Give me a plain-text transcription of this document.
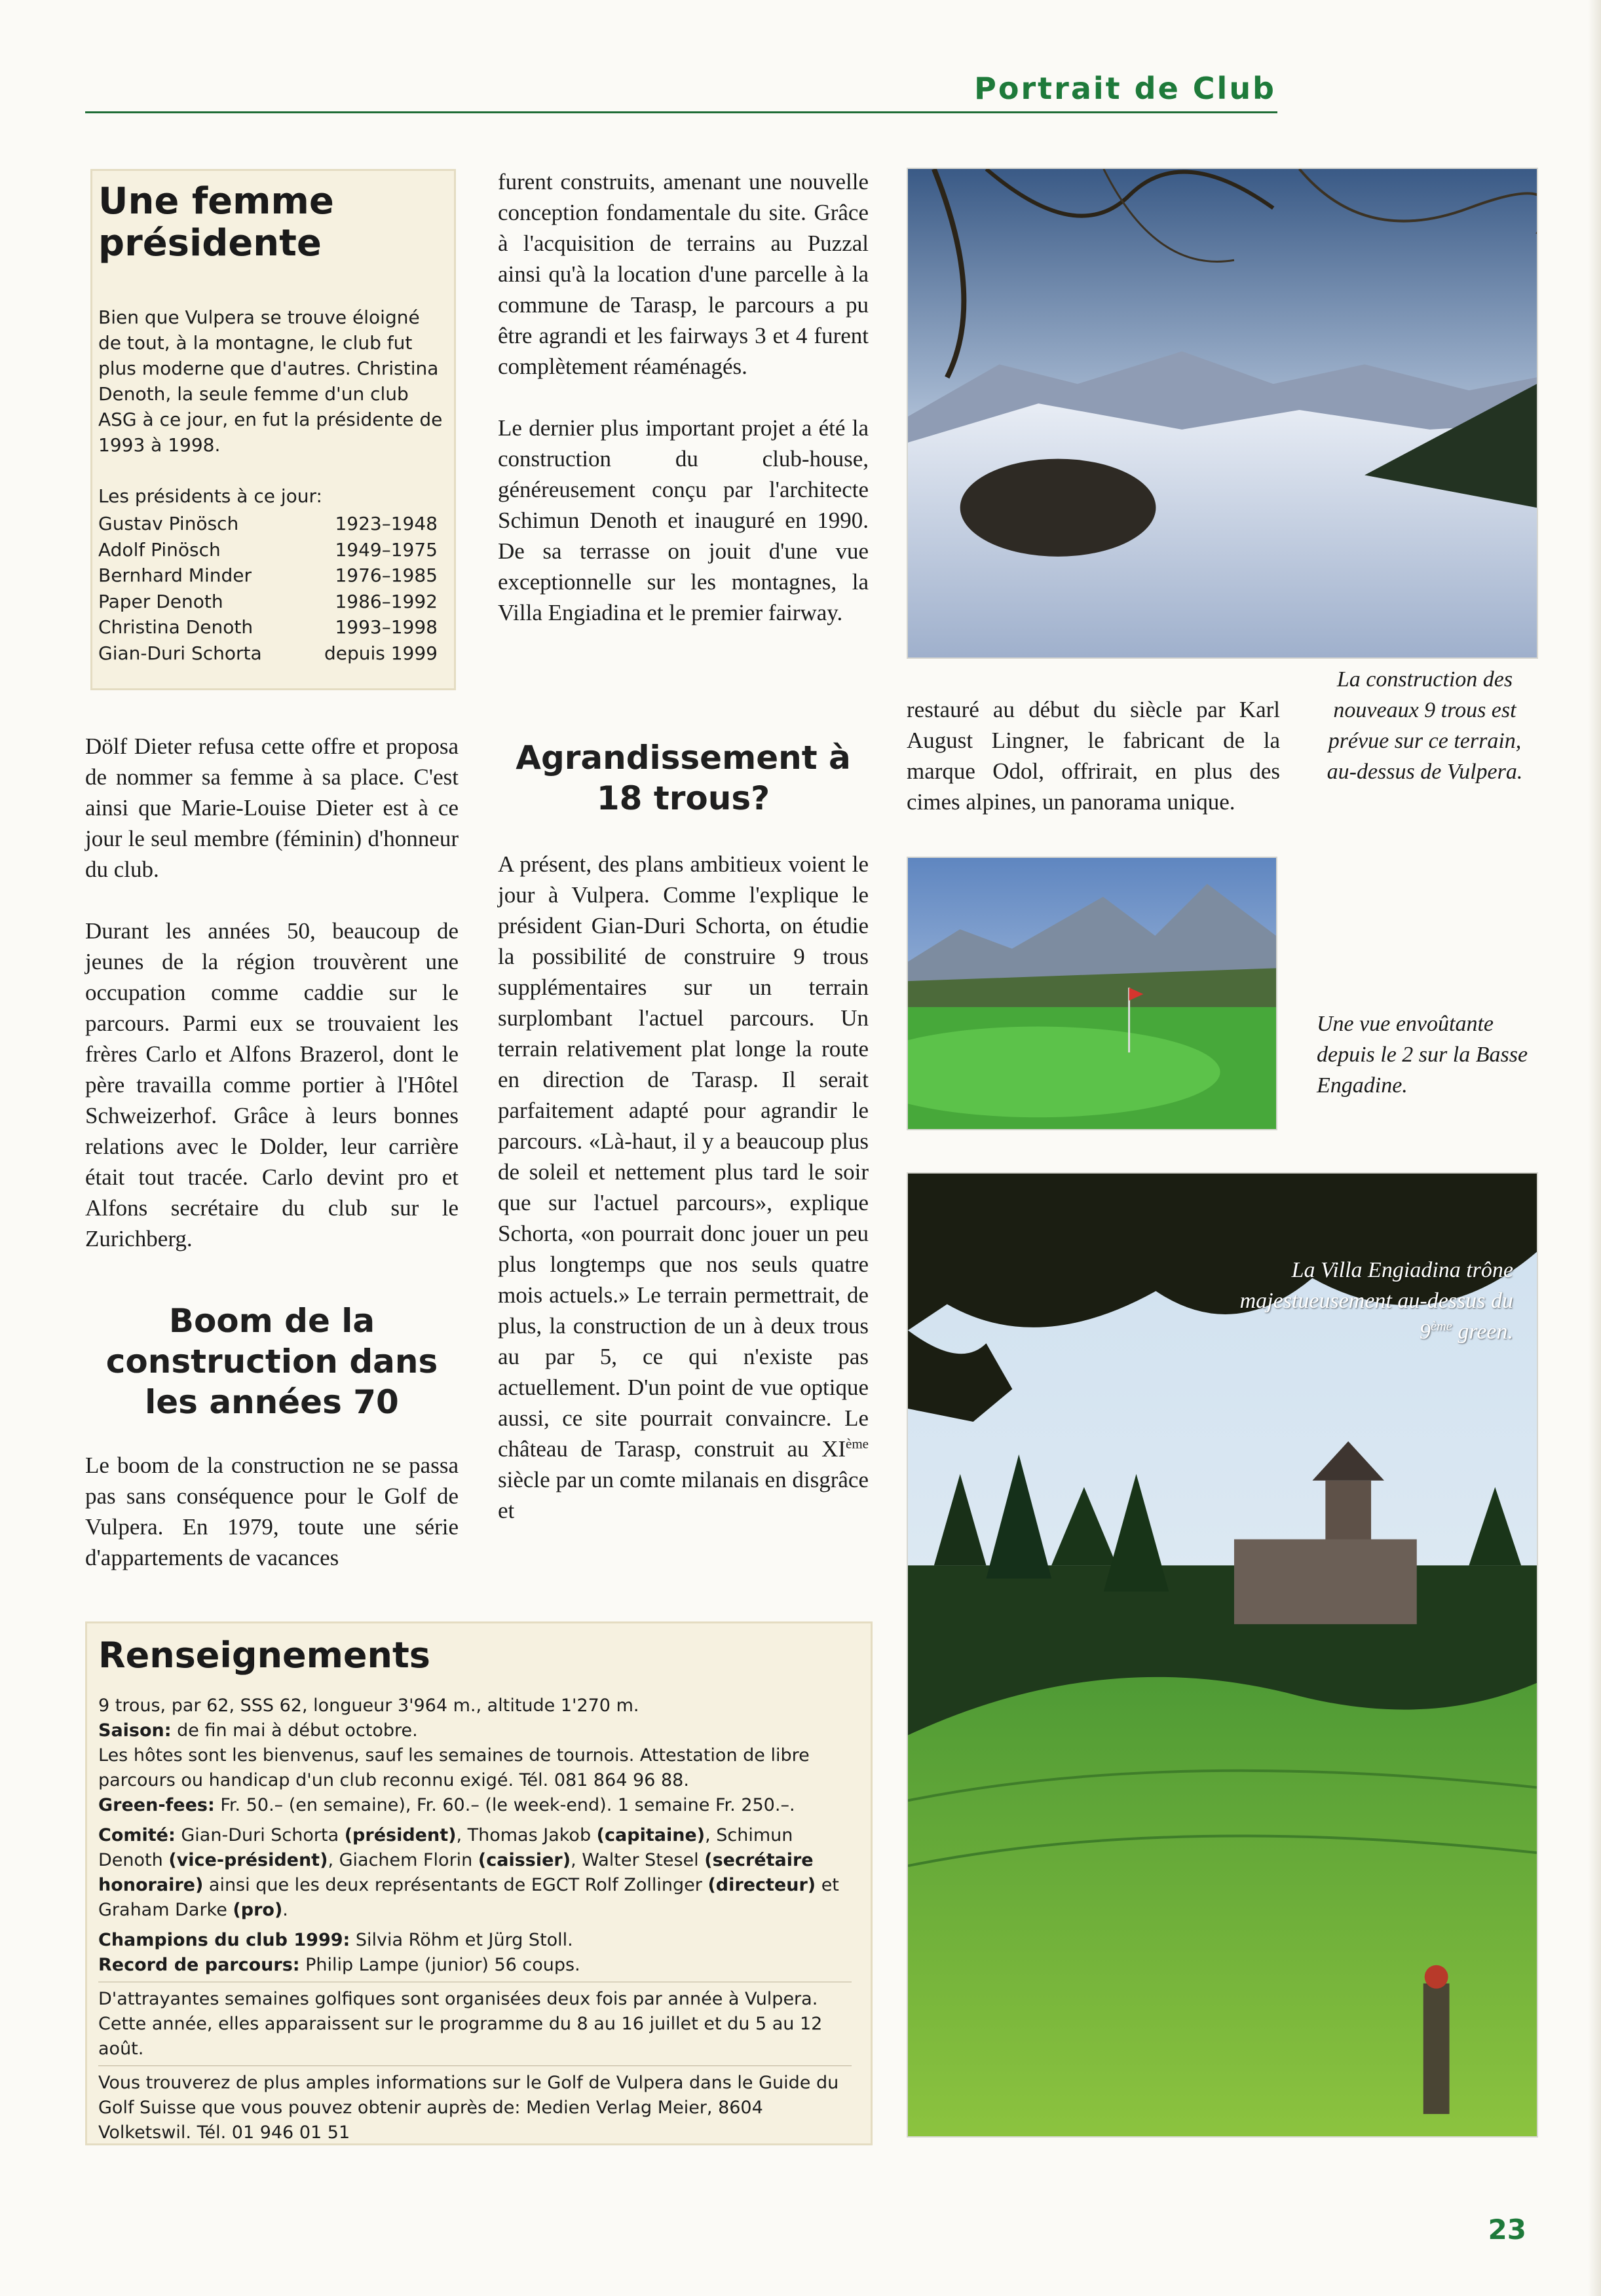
Portrait de Club
Une femme présidente
Bien que Vulpera se trouve éloigné de tout, à la montagne, le club fut plus moderne que d'autres. Christina Denoth, la seule femme d'un club ASG à ce jour, en fut la présidente de 1993 à 1998.
Les présidents à ce jour:
Gustav Pinösch	1923–1948
Adolf Pinösch	1949–1975
Bernhard Minder	1976–1985
Paper Denoth	1986–1992
Christina Denoth	1993–1998
Gian-Duri Schorta	depuis 1999

Dölf Dieter refusa cette offre et proposa de nommer sa femme à sa place. C'est ainsi que Marie-Louise Dieter est à ce jour le seul membre (féminin) d'honneur du club.

Durant les années 50, beaucoup de jeunes de la région trouvèrent une occupation comme caddie sur le parcours. Parmi eux se trouvaient les frères Carlo et Alfons Brazerol, dont le père travailla comme portier à l'Hôtel Schweizerhof. Grâce à leurs bonnes relations avec le Dolder, leur carrière était tout tracée. Carlo devint pro et Alfons secrétaire du club sur le Zurichberg.

Boom de la construction dans les années 70

Le boom de la construction ne se passa pas sans conséquence pour le Golf de Vulpera. En 1979, toute une série d'appartements de vacances

furent construits, amenant une nouvelle conception fondamentale du site. Grâce à l'acquisition de terrains au Puzzal ainsi qu'à la location d'une parcelle à la commune de Tarasp, le parcours a pu être agrandi et les fairways 3 et 4 furent complètement réaménagés.

Le dernier plus important projet a été la construction du club-house, généreusement conçu par l'architecte Schimun Denoth et inauguré en 1990. De sa terrasse on jouit d'une vue exceptionnelle sur les montagnes, la Villa Engiadina et le premier fairway.

Agrandissement à 18 trous?

A présent, des plans ambitieux voient le jour à Vulpera. Comme l'explique le président Gian-Duri Schorta, on étudie la possibilité de construire 9 trous supplémentaires sur un terrain surplombant l'actuel parcours. Un terrain relativement plat longe la route en direction de Tarasp. Il serait parfaitement adapté pour agrandir le parcours. «Là-haut, il y a beaucoup plus de soleil et nettement plus tard le soir que sur l'actuel parcours», explique Schorta, «on pourrait donc jouer un peu plus longtemps que nos seuls quatre mois actuels.» Le terrain permettrait, de plus, la construction de un à deux trous au par 5, ce qui n'existe pas actuellement. D'un point de vue optique aussi, ce site pourrait convaincre. Le château de Tarasp, construit au XIème siècle par un comte milanais en disgrâce et

restauré au début du siècle par Karl August Lingner, le fabricant de la marque Odol, offrirait, en plus des cimes alpines, un panorama unique.
La construction des nouveaux 9 trous est prévue sur ce terrain, au-dessus de Vulpera.
Une vue envoûtante depuis le 2 sur la Basse Engadine.
La Villa Engiadina trône majestueusement au-dessus du 9ème green.
Renseignements
9 trous, par 62, SSS 62, longueur 3'964 m., altitude 1'270 m.
Saison: de fin mai à début octobre.
Les hôtes sont les bienvenus, sauf les semaines de tournois. Attestation de libre parcours ou handicap d'un club reconnu exigé. Tél. 081 864 96 88.
Green-fees: Fr. 50.– (en semaine), Fr. 60.– (le week-end). 1 semaine Fr. 250.–.
Comité: Gian-Duri Schorta (président), Thomas Jakob (capitaine), Schimun Denoth (vice-président), Giachem Florin (caissier), Walter Stesel (secrétaire honoraire) ainsi que les deux représentants de EGCT Rolf Zollinger (directeur) et Graham Darke (pro).
Champions du club 1999: Silvia Röhm et Jürg Stoll.
Record de parcours: Philip Lampe (junior) 56 coups.
D'attrayantes semaines golfiques sont organisées deux fois par année à Vulpera. Cette année, elles apparaissent sur le programme du 8 au 16 juillet et du 5 au 12 août.
Vous trouverez de plus amples informations sur le Golf de Vulpera dans le Guide du Golf Suisse que vous pouvez obtenir auprès de: Medien Verlag Meier, 8604 Volketswil. Tél. 01 946 01 51
23
